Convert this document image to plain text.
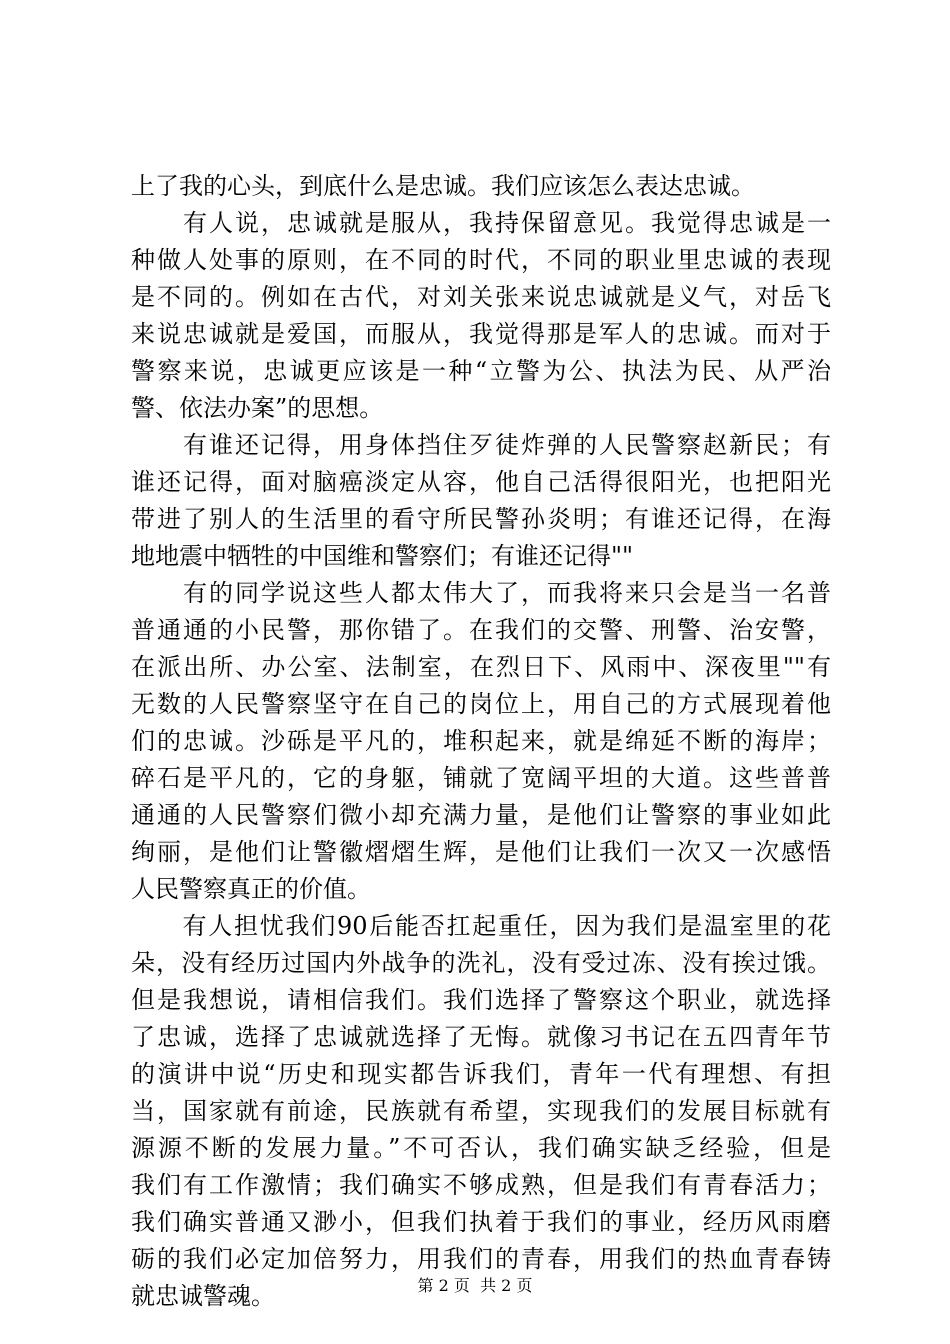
上了我的心头，到底什么是忠诚。我们应该怎么表达忠诚。
　　有人说，忠诚就是服从，我持保留意见。我觉得忠诚是一
种做人处事的原则，在不同的时代，不同的职业里忠诚的表现
是不同的。例如在古代，对刘关张来说忠诚就是义气，对岳飞
来说忠诚就是爱国，而服从，我觉得那是军人的忠诚。而对于
警察来说，忠诚更应该是一种“立警为公、执法为民、从严治
警、依法办案”的思想。
　　有谁还记得，用身体挡住歹徒炸弹的人民警察赵新民；有
谁还记得，面对脑癌淡定从容，他自己活得很阳光，也把阳光
带进了别人的生活里的看守所民警孙炎明；有谁还记得，在海
地地震中牺牲的中国维和警察们；有谁还记得""
　　有的同学说这些人都太伟大了，而我将来只会是当一名普
普通通的小民警，那你错了。在我们的交警、刑警、治安警，
在派出所、办公室、法制室，在烈日下、风雨中、深夜里""有
无数的人民警察坚守在自己的岗位上，用自己的方式展现着他
们的忠诚。沙砾是平凡的，堆积起来，就是绵延不断的海岸；
碎石是平凡的，它的身躯，铺就了宽阔平坦的大道。这些普普
通通的人民警察们微小却充满力量，是他们让警察的事业如此
绚丽，是他们让警徽熠熠生辉，是他们让我们一次又一次感悟
人民警察真正的价值。
　　有人担忧我们90后能否扛起重任，因为我们是温室里的花
朵，没有经历过国内外战争的洗礼，没有受过冻、没有挨过饿。
但是我想说，请相信我们。我们选择了警察这个职业，就选择
了忠诚，选择了忠诚就选择了无悔。就像习书记在五四青年节
的演讲中说“历史和现实都告诉我们，青年一代有理想、有担
当，国家就有前途，民族就有希望，实现我们的发展目标就有
源源不断的发展力量。”不可否认，我们确实缺乏经验，但是
我们有工作激情；我们确实不够成熟，但是我们有青春活力；
我们确实普通又渺小，但我们执着于我们的事业，经历风雨磨
砺的我们必定加倍努力，用我们的青春，用我们的热血青春铸
就忠诚警魂。	第 2 页  共 2 页
